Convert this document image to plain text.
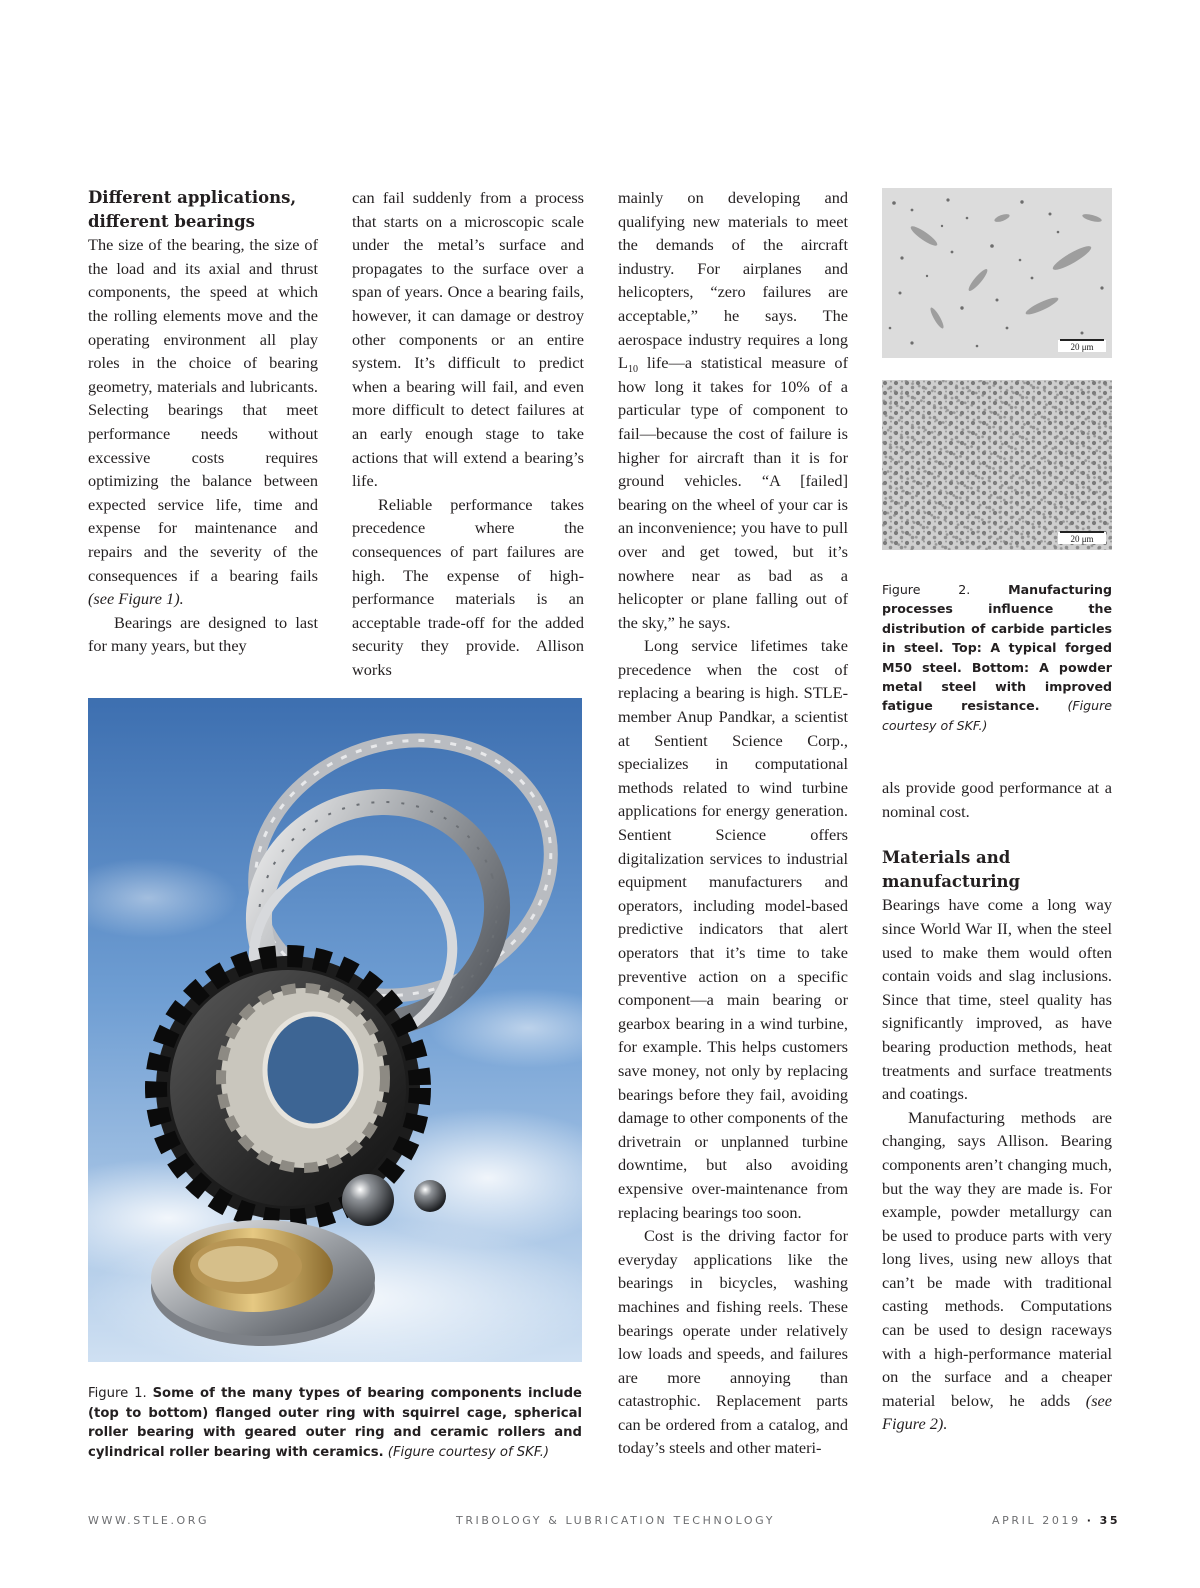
Different applications, different bearings

The size of the bearing, the size of the load and its axial and thrust components, the speed at which the rolling elements move and the operating environment all play roles in the choice of bearing geometry, materials and lubricants. Selecting bearings that meet performance needs without excessive costs requires optimizing the balance between expected service life, time and expense for maintenance and repairs and the severity of the consequences if a bearing fails (see Figure 1).

Bearings are designed to last for many years, but they

can fail suddenly from a process that starts on a microscopic scale under the metal’s surface and propagates to the surface over a span of years. Once a bearing fails, however, it can damage or destroy other components or an entire system. It’s difficult to predict when a bearing will fail, and even more difficult to detect failures at an early enough stage to take actions that will extend a bearing’s life.

Reliable performance takes precedence where the consequences of part failures are high. The expense of high-performance materials is an acceptable trade-off for the added security they provide. Allison works

mainly on developing and qualifying new materials to meet the demands of the aircraft industry. For airplanes and helicopters, “zero failures are acceptable,” he says. The aerospace industry requires a long $L_{10}$ life—a statistical measure of how long it takes for 10% of a particular type of component to fail—because the cost of failure is higher for aircraft than it is for ground vehicles. “A [failed] bearing on the wheel of your car is an inconvenience; you have to pull over and get towed, but it’s nowhere near as bad as a helicopter or plane falling out of the sky,” he says.

Long service lifetimes take precedence when the cost of replacing a bearing is high. STLE-member Anup Pandkar, a scientist at Sentient Science Corp., specializes in computational methods related to wind turbine applications for energy generation. Sentient Science offers digitalization services to industrial equipment manufacturers and operators, including model-based predictive indicators that alert operators that it’s time to take preventive action on a specific component—a main bearing or gearbox bearing in a wind turbine, for example. This helps customers save money, not only by replacing bearings before they fail, avoiding damage to other components of the drivetrain or unplanned turbine downtime, but also avoiding expensive over-maintenance from replacing bearings too soon.

Cost is the driving factor for everyday applications like the bearings in bicycles, washing machines and fishing reels. These bearings operate under relatively low loads and speeds, and failures are more annoying than catastrophic. Replacement parts can be ordered from a catalog, and today’s steels and other materi-

20 μm
20 μm
Figure 2.	Manufacturing processes influence the distribution of carbide particles in steel. Top: A typical forged M50 steel. Bottom: A powder metal steel with improved fatigue resistance. (Figure courtesy of SKF.)

als provide good performance at a nominal cost.

Materials and manufacturing

Bearings have come a long way since World War II, when the steel used to make them would often contain voids and slag inclusions. Since that time, steel quality has significantly improved, as have bearing production methods, heat treatments and surface treatments and coatings.

Manufacturing methods are changing, says Allison. Bearing components aren’t changing much, but the way they are made is. For example, powder metallurgy can be used to produce parts with very long lives, using new alloys that can’t be made with traditional casting methods. Computations can be used to design raceways with a high-performance material on the surface and a cheaper material below, he adds (see Figure 2).

Figure 1. Some of the many types of bearing components include (top to bottom) flanged outer ring with squirrel cage, spherical roller bearing with geared outer ring and ceramic rollers and cylindrical roller bearing with ceramics. (Figure courtesy of SKF.)
WWW.STLE.ORG	TRIBOLOGY & LUBRICATION TECHNOLOGY	APRIL 2019 · 35
